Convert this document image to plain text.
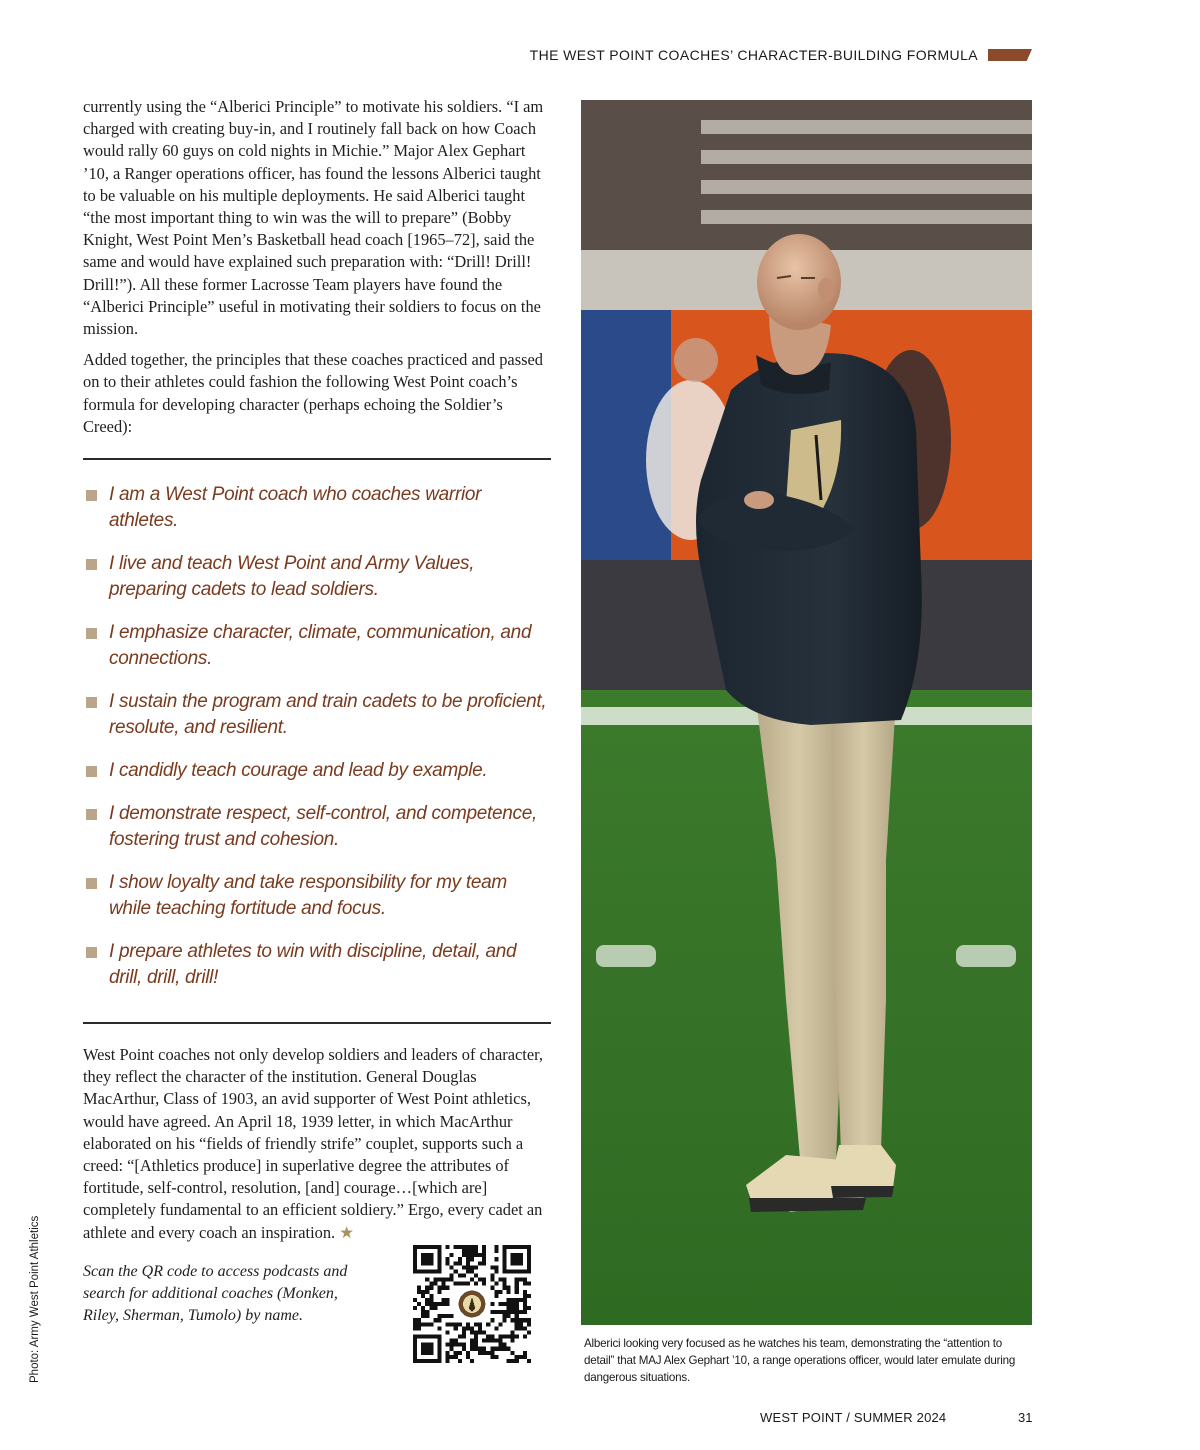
THE WEST POINT COACHES’ CHARACTER-BUILDING FORMULA

currently using the “Alberici Principle” to motivate his soldiers. “I am charged with creating buy-in, and I routinely fall back on how Coach would rally 60 guys on cold nights in Michie.” Major Alex Gephart ’10, a Ranger operations officer, has found the lessons Alberici taught to be valuable on his multiple deployments. He said Alberici taught “the most important thing to win was the will to prepare” (Bobby Knight, West Point Men’s Basketball head coach [1965–72], said the same and would have explained such preparation with: “Drill! Drill! Drill!”). All these former Lacrosse Team players have found the “Alberici Principle” useful in motivating their soldiers to focus on the mission.

Added together, the principles that these coaches practiced and passed on to their athletes could fashion the following West Point coach’s formula for developing character (perhaps echoing the Soldier’s Creed):

I am a West Point coach who coaches warrior athletes.
I live and teach West Point and Army Values, preparing cadets to lead soldiers.
I emphasize character, climate, communication, and connections.
I sustain the program and train cadets to be proficient, resolute, and resilient.
I candidly teach courage and lead by example.
I demonstrate respect, self-control, and competence, fostering trust and cohesion.
I show loyalty and take responsibility for my team while teaching fortitude and focus.
I prepare athletes to win with discipline, detail, and drill, drill, drill!

West Point coaches not only develop soldiers and leaders of character, they reflect the character of the institution. General Douglas MacArthur, Class of 1903, an avid supporter of West Point athletics, would have agreed. An April 18, 1939 letter, in which MacArthur elaborated on his “fields of friendly strife” couplet, supports such a creed: “[Athletics produce] in superlative degree the attributes of fortitude, self-control, resolution, [and] courage…[which are] completely fundamental to an efficient soldiery.” Ergo, every cadet an athlete and every coach an inspiration. ★

Scan the QR code to access podcasts and search for additional coaches (Monken, Riley, Sherman, Tumolo) by name.

Alberici looking very focused as he watches his team, demonstrating the “attention to detail” that MAJ Alex Gephart ’10, a range operations officer, would later emulate during dangerous situations.
Photo: Army West Point Athletics
WEST POINT / SUMMER 2024	31
